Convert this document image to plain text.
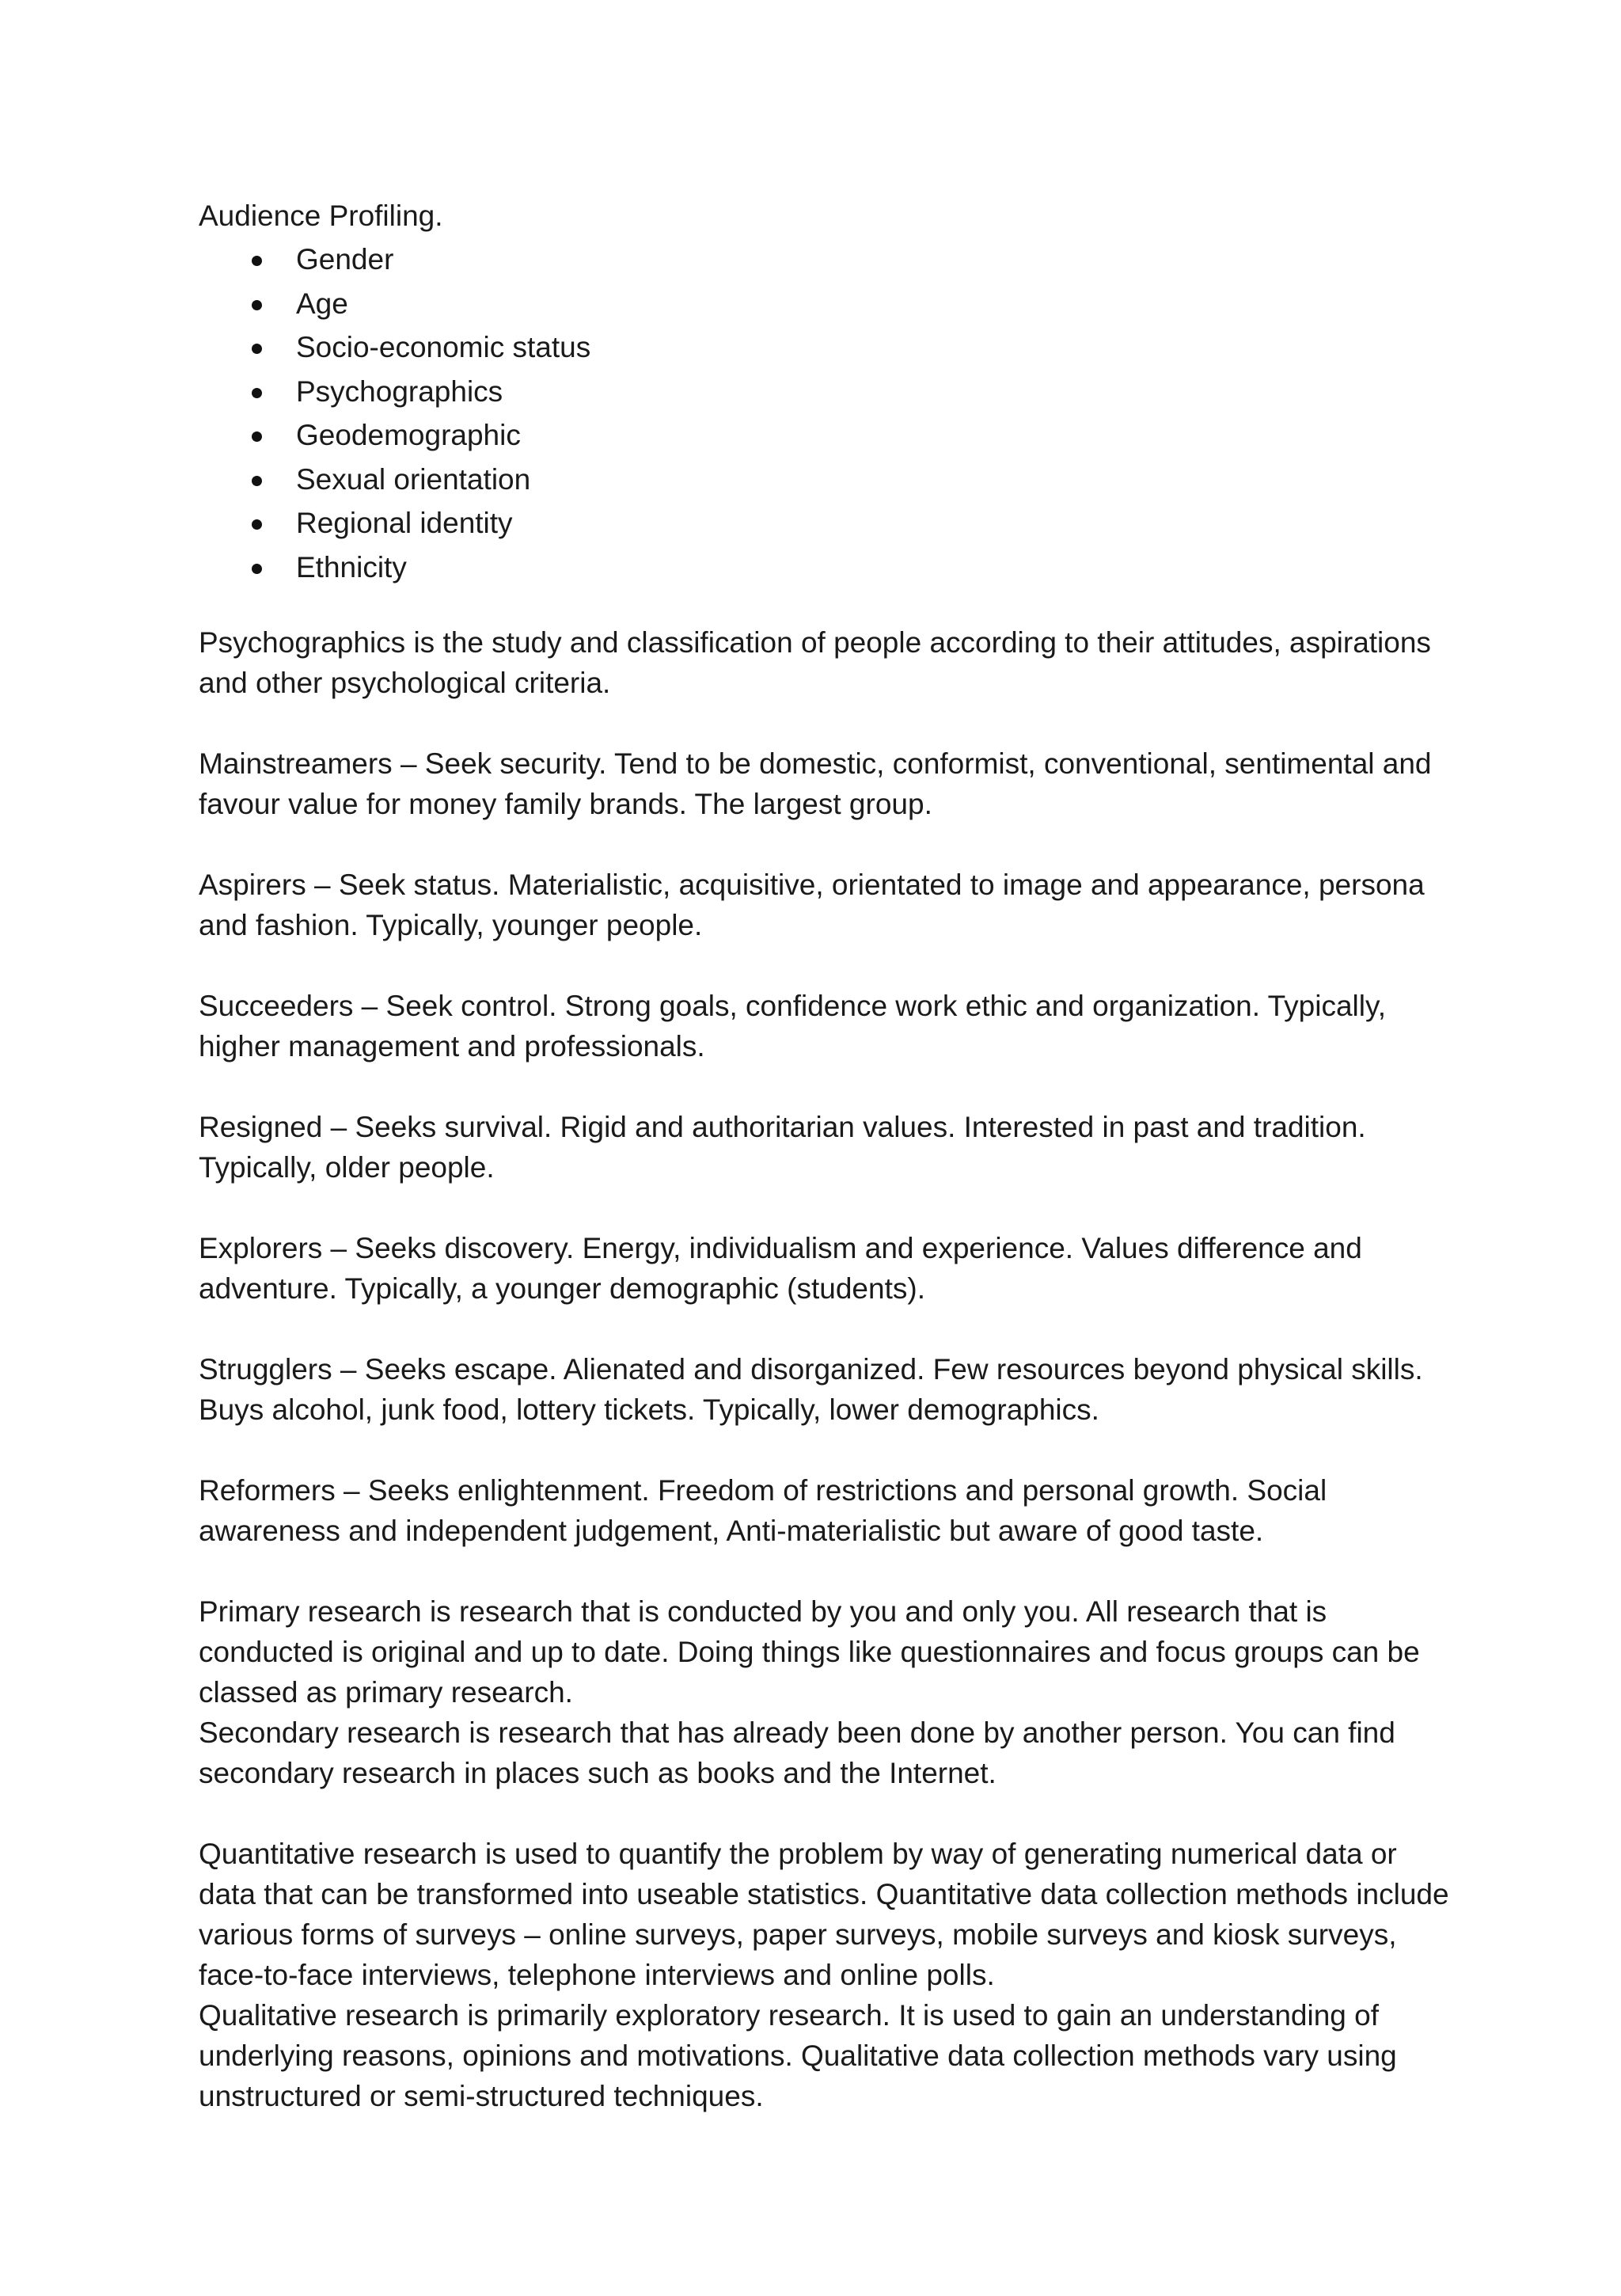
Audience Profiling.
Gender
Age
Socio-economic status
Psychographics
Geodemographic
Sexual orientation
Regional identity
Ethnicity

Psychographics is the study and classification of people according to their attitudes, aspirations and other psychological criteria.

Mainstreamers – Seek security. Tend to be domestic, conformist, conventional, sentimental and favour value for money family brands. The largest group.

Aspirers – Seek status. Materialistic, acquisitive, orientated to image and appearance, persona and fashion. Typically, younger people.

Succeeders – Seek control. Strong goals, confidence work ethic and organization. Typically, higher management and professionals.

Resigned – Seeks survival. Rigid and authoritarian values. Interested in past and tradition. Typically, older people.

Explorers – Seeks discovery. Energy, individualism and experience. Values difference and adventure. Typically, a younger demographic (students).

Strugglers – Seeks escape. Alienated and disorganized. Few resources beyond physical skills. Buys alcohol, junk food, lottery tickets. Typically, lower demographics.

Reformers – Seeks enlightenment. Freedom of restrictions and personal growth. Social awareness and independent judgement, Anti-materialistic but aware of good taste.

Primary research is research that is conducted by you and only you. All research that is conducted is original and up to date. Doing things like questionnaires and focus groups can be classed as primary research.

Secondary research is research that has already been done by another person. You can find secondary research in places such as books and the Internet.

Quantitative research is used to quantify the problem by way of generating numerical data or data that can be transformed into useable statistics. Quantitative data collection methods include various forms of surveys – online surveys, paper surveys, mobile surveys and kiosk surveys, face-to-face interviews, telephone interviews and online polls.

Qualitative research is primarily exploratory research. It is used to gain an understanding of underlying reasons, opinions and motivations. Qualitative data collection methods vary using unstructured or semi-structured techniques.
